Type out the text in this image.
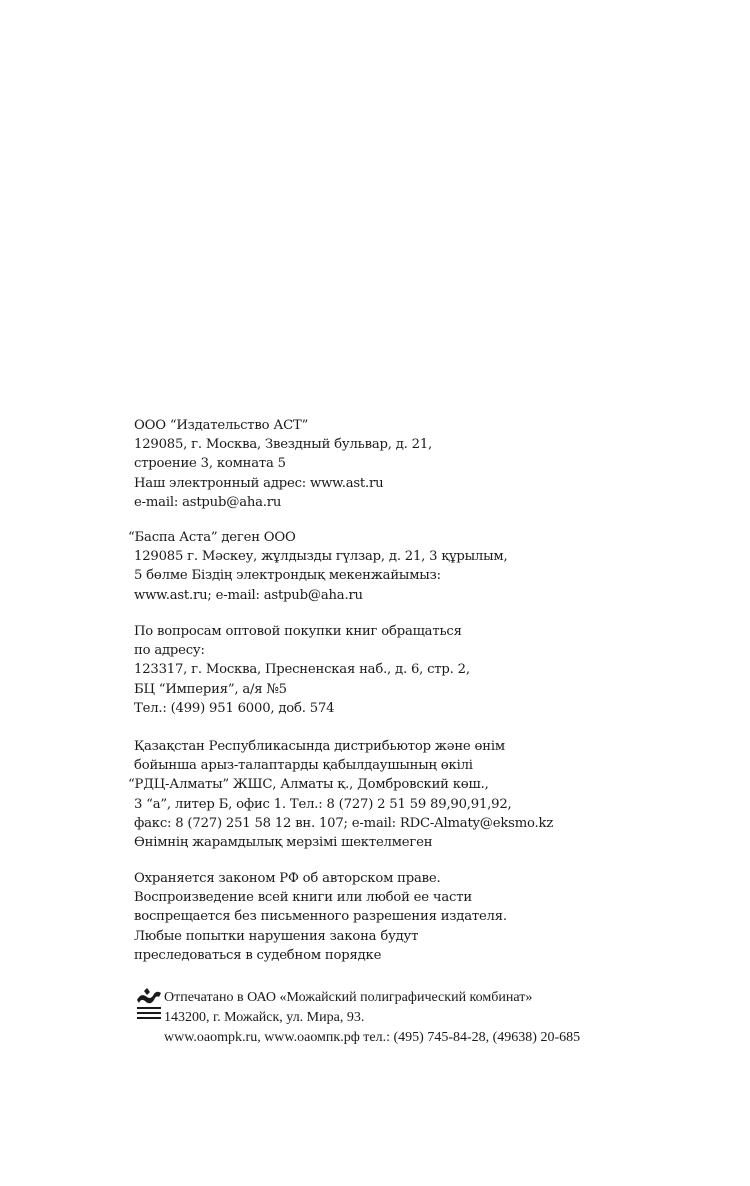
ООО “Издательство АСТ”
129085, г. Москва, Звездный бульвар, д. 21,
строение 3, комната 5
Наш электронный адрес: www.ast.ru
e-mail: astpub@aha.ru
“Баспа Аста” деген ООО
129085 г. Мәскеу, жұлдызды гүлзар, д. 21, 3 құрылым,
5 бөлме Біздің электрондық мекенжайымыз:
www.ast.ru; e-mail: astpub@aha.ru
По вопросам оптовой покупки книг обращаться
по адресу:
123317, г. Москва, Пресненская наб., д. 6, стр. 2,
БЦ “Империя”, а/я №5
Тел.: (499) 951 6000, доб. 574
Қазақстан Республикасында дистрибьютор және өнім
бойынша арыз-талаптарды қабылдаушының өкілі
“РДЦ-Алматы” ЖШС, Алматы қ., Домбровский көш.,
3 “а”, литер Б, офис 1. Тел.: 8 (727) 2 51 59 89,90,91,92,
факс: 8 (727) 251 58 12 вн. 107; e-mail: RDC-Almaty@eksmo.kz
Өнімнің жарамдылық мерзімі шектелмеген
Охраняется законом РФ об авторском праве.
Воспроизведение всей книги или любой ее части
воспрещается без письменного разрешения издателя.
Любые попытки нарушения закона будут
преследоваться в судебном порядке
Отпечатано в ОАО «Можайский полиграфический комбинат»
143200, г. Можайск, ул. Мира, 93.
www.oaompk.ru, www.оаомпк.рф тел.: (495) 745-84-28, (49638) 20-685
